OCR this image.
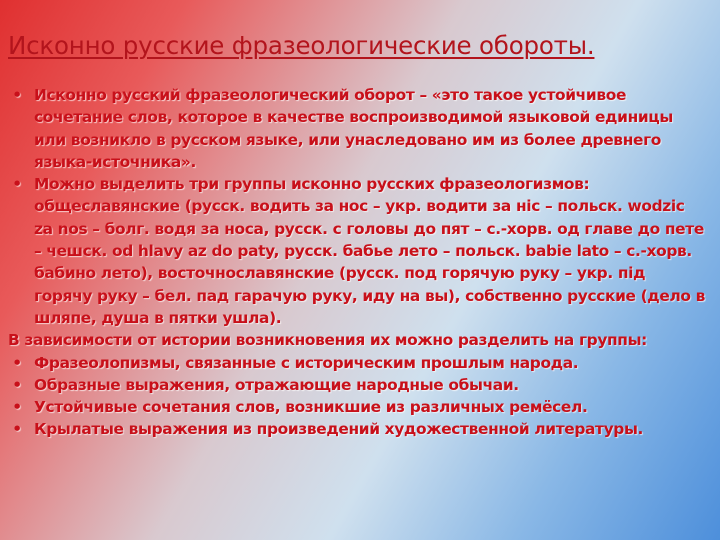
Исконно русские фразеологические обороты.
• Исконно русский фразеологический оборот – «это такое устойчивое сочетание слов, которое в качестве воспроизводимой языковой единицы или возникло в русском языке, или унаследовано им из более древнего языка-источника».
• Можно выделить три группы исконно русских фразеологизмов: общеславянские (русск. водить за нос – укр. водити за ніс – польск. wodzic za nos – болг. водя за носа, русск. с головы до пят – с.-хорв. од главе до пете – чешск. od hlavy az do paty, русск. бабье лето – польск. babie lato – с.-хорв. бабино лето), восточнославянские (русск. под горячую руку – укр. під горячу руку – бел. пад гарачую руку, иду на вы), собственно русские (дело в шляпе, душа в пятки ушла).

В зависимости от истории возникновения их можно разделить на группы:

• Фразеолопизмы, связанные с историческим прошлым народа.
• Образные выражения, отражающие народные обычаи.
• Устойчивые сочетания слов, возникшие из различных ремёсел.
• Крылатые выражения из произведений художественной литературы.
